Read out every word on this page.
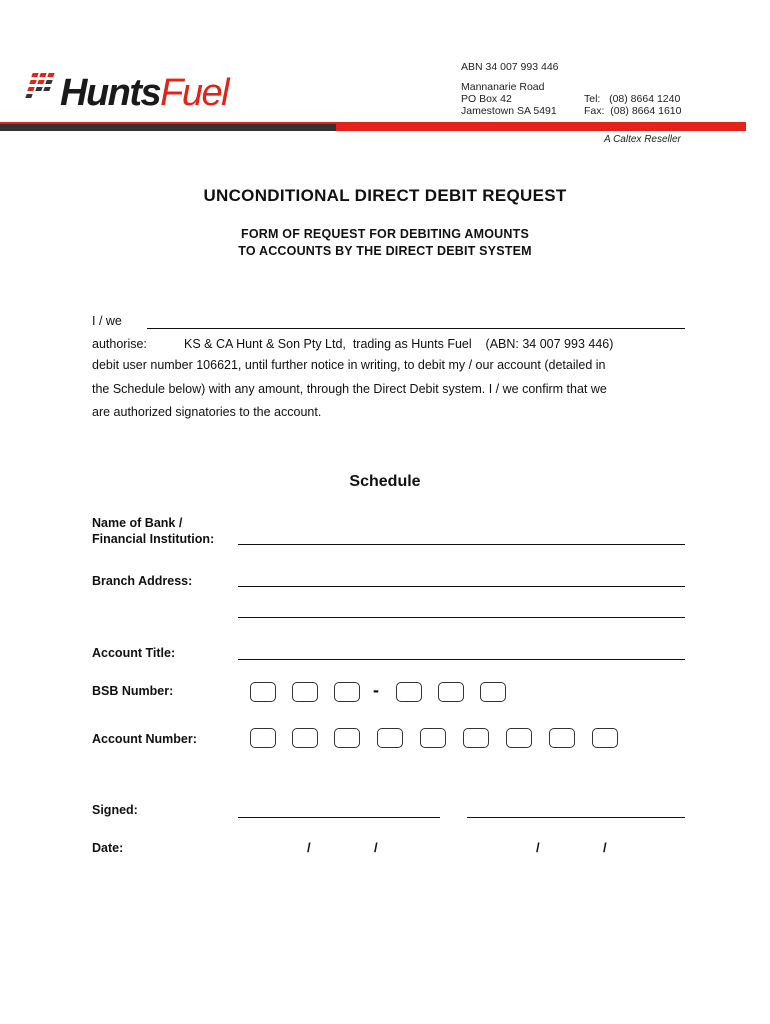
HuntsFuel
ABN 34 007 993 446
Mannanarie Road
PO Box 42
Jamestown SA 5491
Tel:   (08) 8664 1240
Fax:  (08) 8664 1610
A Caltex Reseller
UNCONDITIONAL DIRECT DEBIT REQUEST
FORM OF REQUEST FOR DEBITING AMOUNTS
TO ACCOUNTS BY THE DIRECT DEBIT SYSTEM
I / we
authorise:	KS & CA Hunt & Son Pty Ltd,  trading as Hunts Fuel    (ABN: 34 007 993 446)
debit user number 106621, until further notice in writing, to debit my / our account (detailed in
the Schedule below) with any amount, through the Direct Debit system. I / we confirm that we
are authorized signatories to the account.
Schedule
Name of Bank /
Financial Institution:
Branch Address:
Account Title:
BSB Number:	-
Account Number:
Signed:
Date:	/	/	/	/
